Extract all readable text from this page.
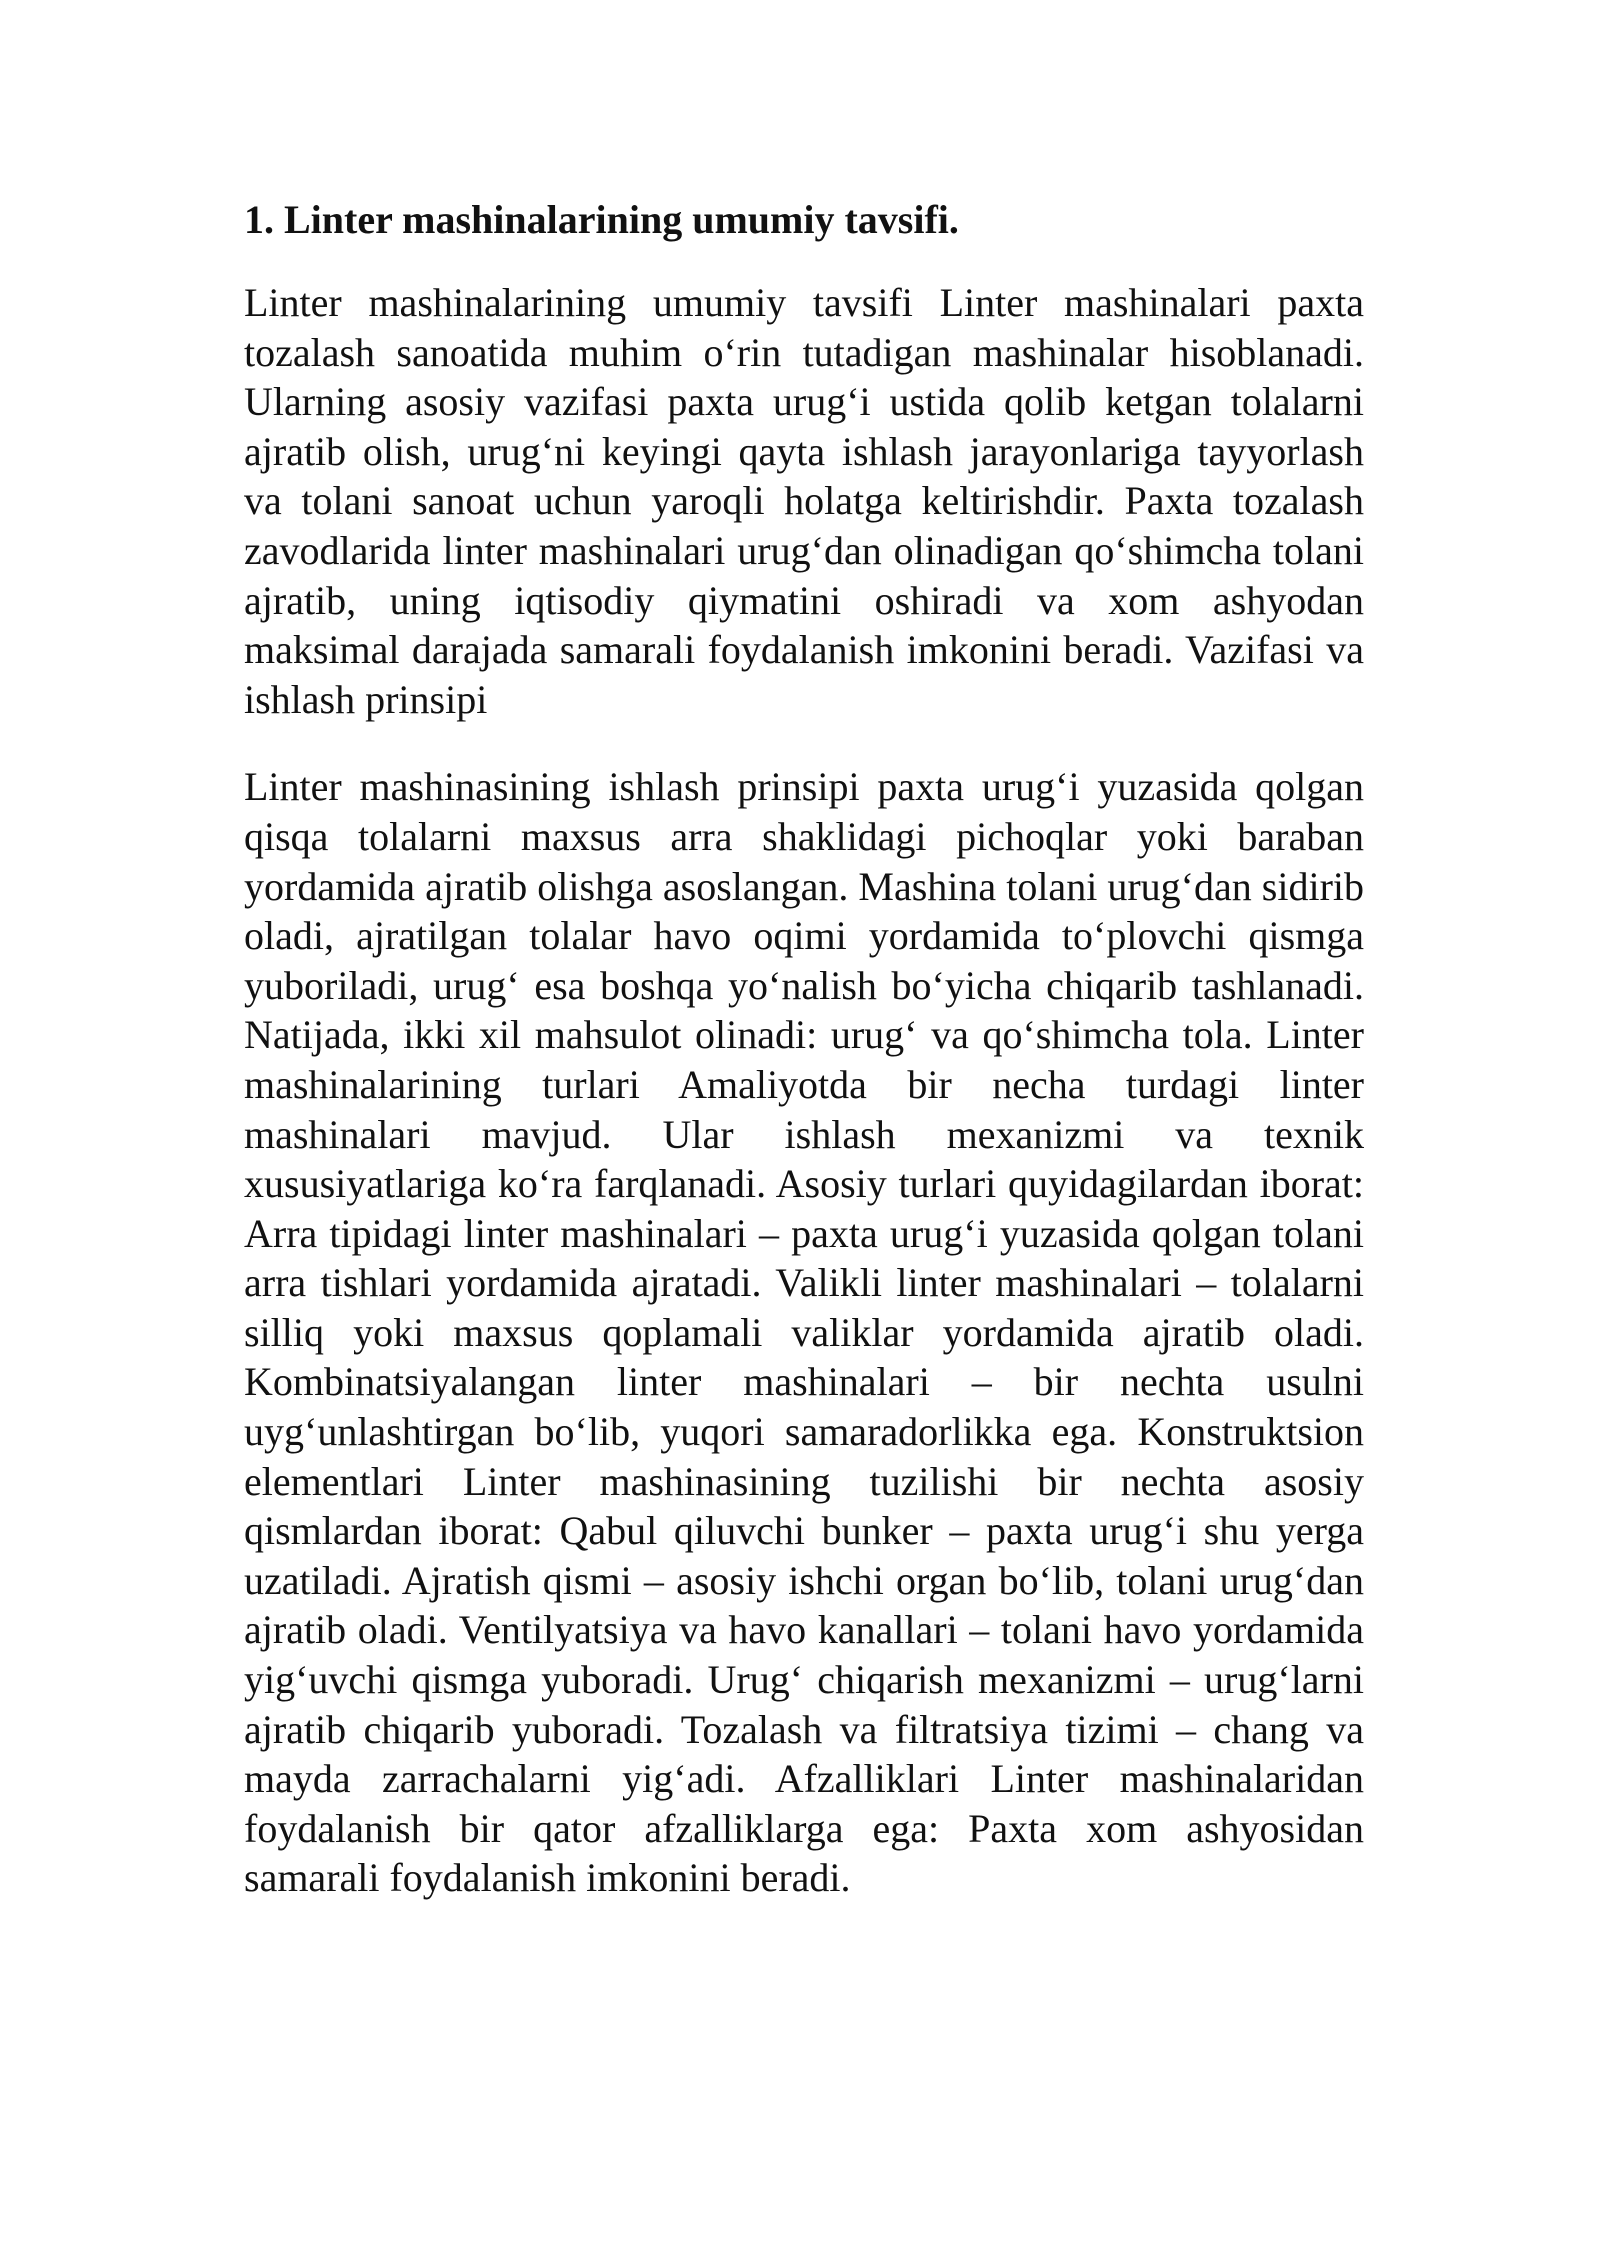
1. Linter mashinalarining umumiy tavsifi.

Linter mashinalarining umumiy tavsifi Linter mashinalari paxta tozalash sanoatida muhim o‘rin tutadigan mashinalar hisoblanadi. Ularning asosiy vazifasi paxta urug‘i ustida qolib ketgan tolalarni ajratib olish, urug‘ni keyingi qayta ishlash jarayonlariga tayyorlash va tolani sanoat uchun yaroqli holatga keltirishdir. Paxta tozalash zavodlarida linter mashinalari urug‘dan olinadigan qo‘shimcha tolani ajratib, uning iqtisodiy qiymatini oshiradi va xom ashyodan maksimal darajada samarali foydalanish imkonini beradi. Vazifasi va ishlash prinsipi

Linter mashinasining ishlash prinsipi paxta urug‘i yuzasida qolgan qisqa tolalarni maxsus arra shaklidagi pichoqlar yoki baraban yordamida ajratib olishga asoslangan. Mashina tolani urug‘dan sidirib oladi, ajratilgan tolalar havo oqimi yordamida to‘plovchi qismga yuboriladi, urug‘ esa boshqa yo‘nalish bo‘yicha chiqarib tashlanadi. Natijada, ikki xil mahsulot olinadi: urug‘ va qo‘shimcha tola. Linter mashinalarining turlari Amaliyotda bir necha turdagi linter mashinalari mavjud. Ular ishlash mexanizmi va texnik xususiyatlariga ko‘ra farqlanadi. Asosiy turlari quyidagilardan iborat: Arra tipidagi linter mashinalari – paxta urug‘i yuzasida qolgan tolani arra tishlari yordamida ajratadi. Valikli linter mashinalari – tolalarni silliq yoki maxsus qoplamali valiklar yordamida ajratib oladi. Kombinatsiyalangan linter mashinalari – bir nechta usulni uyg‘unlashtirgan bo‘lib, yuqori samaradorlikka ega. Konstruktsion elementlari Linter mashinasining tuzilishi bir nechta asosiy qismlardan iborat: Qabul qiluvchi bunker – paxta urug‘i shu yerga uzatiladi. Ajratish qismi – asosiy ishchi organ bo‘lib, tolani urug‘dan ajratib oladi. Ventilyatsiya va havo kanallari – tolani havo yordamida yig‘uvchi qismga yuboradi. Urug‘ chiqarish mexanizmi – urug‘larni ajratib chiqarib yuboradi. Tozalash va filtratsiya tizimi – chang va mayda zarrachalarni yig‘adi. Afzalliklari Linter mashinalaridan foydalanish bir qator afzalliklarga ega: Paxta xom ashyosidan samarali foydalanish imkonini beradi.
